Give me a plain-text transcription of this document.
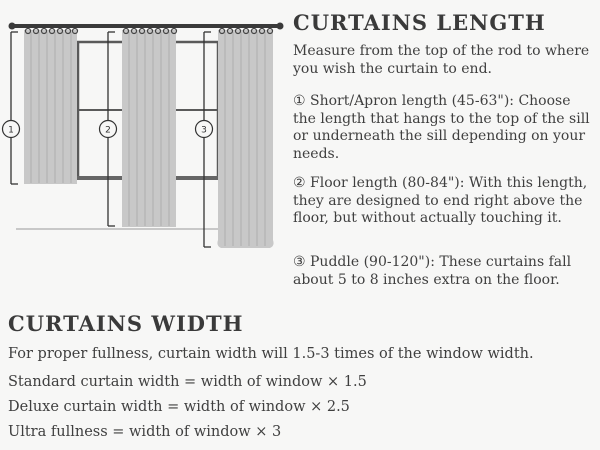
1	2	3
CURTAINS LENGTH

Measure from the top of the rod to where you wish the curtain to end.

① Short/Apron length (45-63"): Choose the length that hangs to the top of the sill or underneath the sill depending on your needs.

② Floor length (80-84"): With this length, they are designed to end right above the floor, but without actually touching it.

③ Puddle (90-120"): These curtains fall about 5 to 8 inches extra on the floor.

CURTAINS WIDTH

For proper fullness, curtain width will 1.5-3 times of the window width.

Standard curtain width = width of window × 1.5

Deluxe curtain width = width of window × 2.5

Ultra fullness = width of window × 3
